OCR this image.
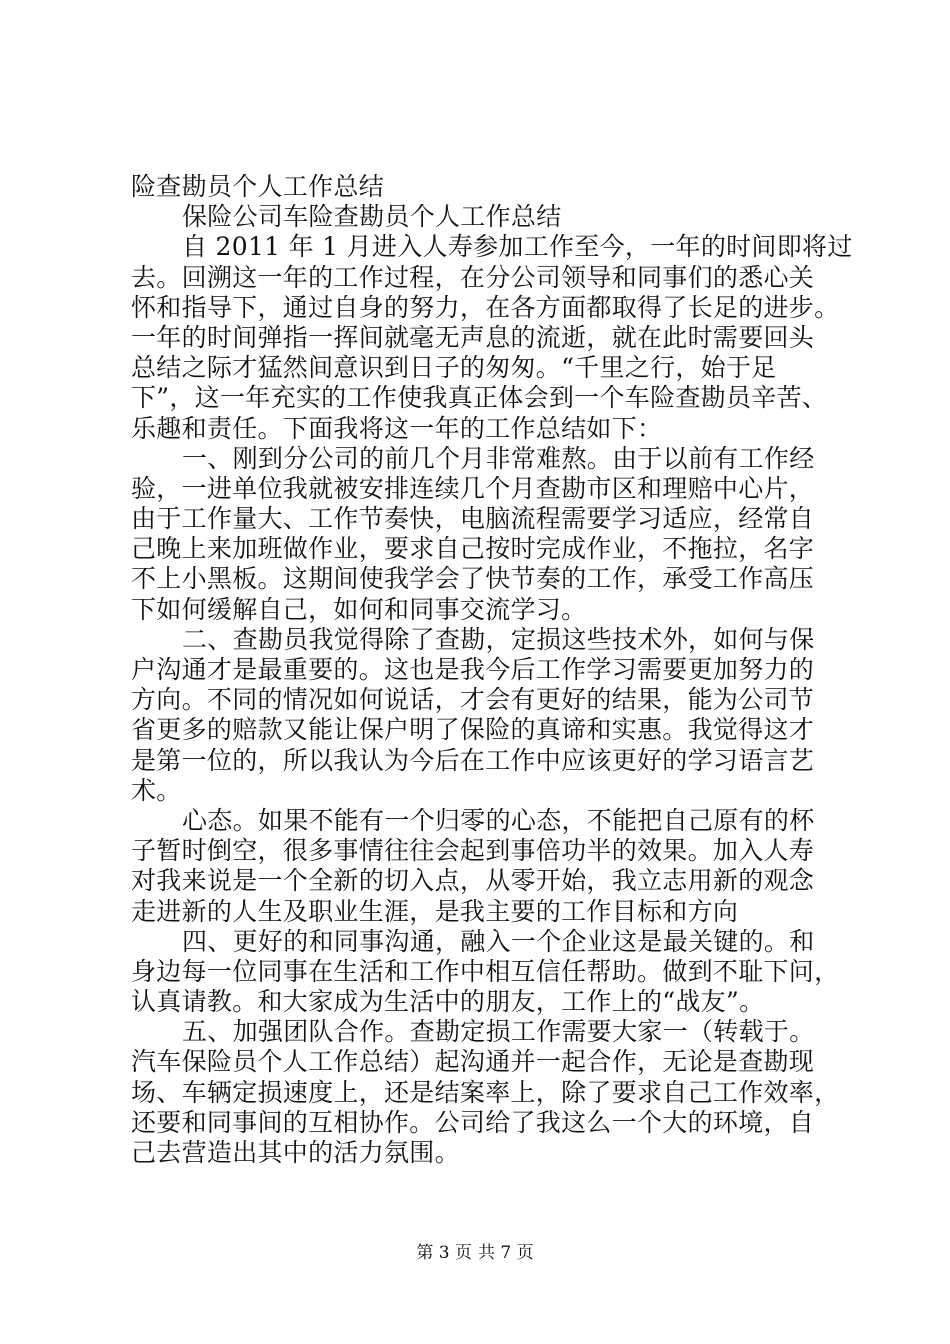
险查勘员个人工作总结
保险公司车险查勘员个人工作总结
自 2011 年 1 月进入人寿参加工作至今，一年的时间即将过
去。回溯这一年的工作过程，在分公司领导和同事们的悉心关
怀和指导下，通过自身的努力，在各方面都取得了长足的进步。
一年的时间弹指一挥间就毫无声息的流逝，就在此时需要回头
总结之际才猛然间意识到日子的匆匆。“千里之行，始于足
下”，这一年充实的工作使我真正体会到一个车险查勘员辛苦、
乐趣和责任。下面我将这一年的工作总结如下：
一、刚到分公司的前几个月非常难熬。由于以前有工作经
验，一进单位我就被安排连续几个月查勘市区和理赔中心片，
由于工作量大、工作节奏快，电脑流程需要学习适应，经常自
己晚上来加班做作业，要求自己按时完成作业，不拖拉，名字
不上小黑板。这期间使我学会了快节奏的工作，承受工作高压
下如何缓解自己，如何和同事交流学习。
二、查勘员我觉得除了查勘，定损这些技术外，如何与保
户沟通才是最重要的。这也是我今后工作学习需要更加努力的
方向。不同的情况如何说话，才会有更好的结果，能为公司节
省更多的赔款又能让保户明了保险的真谛和实惠。我觉得这才
是第一位的，所以我认为今后在工作中应该更好的学习语言艺
术。
心态。如果不能有一个归零的心态，不能把自己原有的杯
子暂时倒空，很多事情往往会起到事倍功半的效果。加入人寿
对我来说是一个全新的切入点，从零开始，我立志用新的观念
走进新的人生及职业生涯，是我主要的工作目标和方向
四、更好的和同事沟通，融入一个企业这是最关键的。和
身边每一位同事在生活和工作中相互信任帮助。做到不耻下问，
认真请教。和大家成为生活中的朋友，工作上的“战友”。
五、加强团队合作。查勘定损工作需要大家一（转载于。
汽车保险员个人工作总结）起沟通并一起合作，无论是查勘现
场、车辆定损速度上，还是结案率上，除了要求自己工作效率，
还要和同事间的互相协作。公司给了我这么一个大的环境，自
己去营造出其中的活力氛围。
第 3 页 共 7 页
